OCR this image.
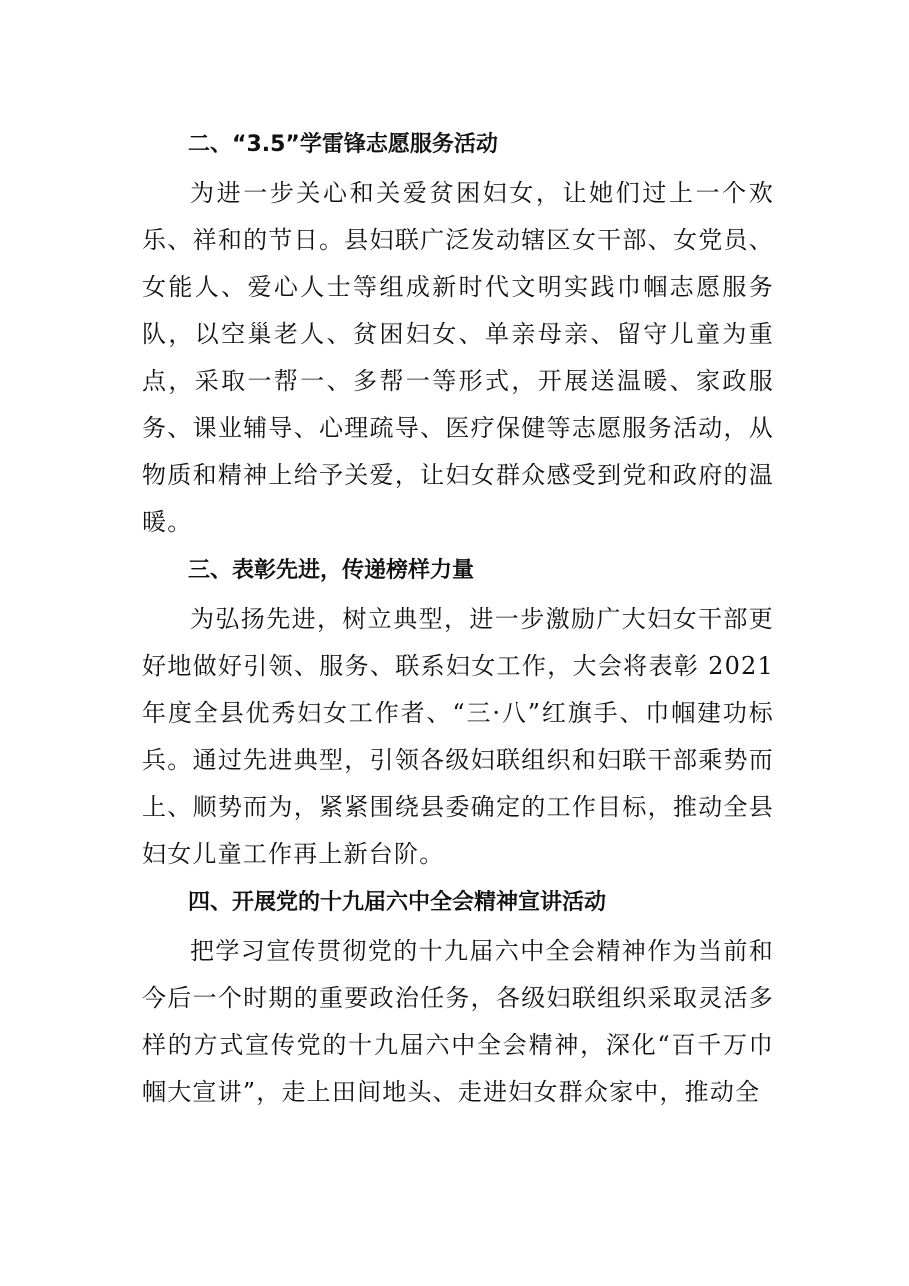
二、“3.5”学雷锋志愿服务活动

为进一步关心和关爱贫困妇女，让她们过上一个欢乐、祥和的节日。县妇联广泛发动辖区女干部、女党员、女能人、爱心人士等组成新时代文明实践巾帼志愿服务队，以空巢老人、贫困妇女、单亲母亲、留守儿童为重点，采取一帮一、多帮一等形式，开展送温暖、家政服务、课业辅导、心理疏导、医疗保健等志愿服务活动，从物质和精神上给予关爱，让妇女群众感受到党和政府的温暖。

三、表彰先进，传递榜样力量

为弘扬先进，树立典型，进一步激励广大妇女干部更好地做好引领、服务、联系妇女工作，大会将表彰 2021 年度全县优秀妇女工作者、“三·八”红旗手、巾帼建功标兵。通过先进典型，引领各级妇联组织和妇联干部乘势而上、顺势而为，紧紧围绕县委确定的工作目标，推动全县妇女儿童工作再上新台阶。

四、开展党的十九届六中全会精神宣讲活动

把学习宣传贯彻党的十九届六中全会精神作为当前和今后一个时期的重要政治任务，各级妇联组织采取灵活多样的方式宣传党的十九届六中全会精神，深化“百千万巾帼大宣讲”，走上田间地头、走进妇女群众家中，推动全
